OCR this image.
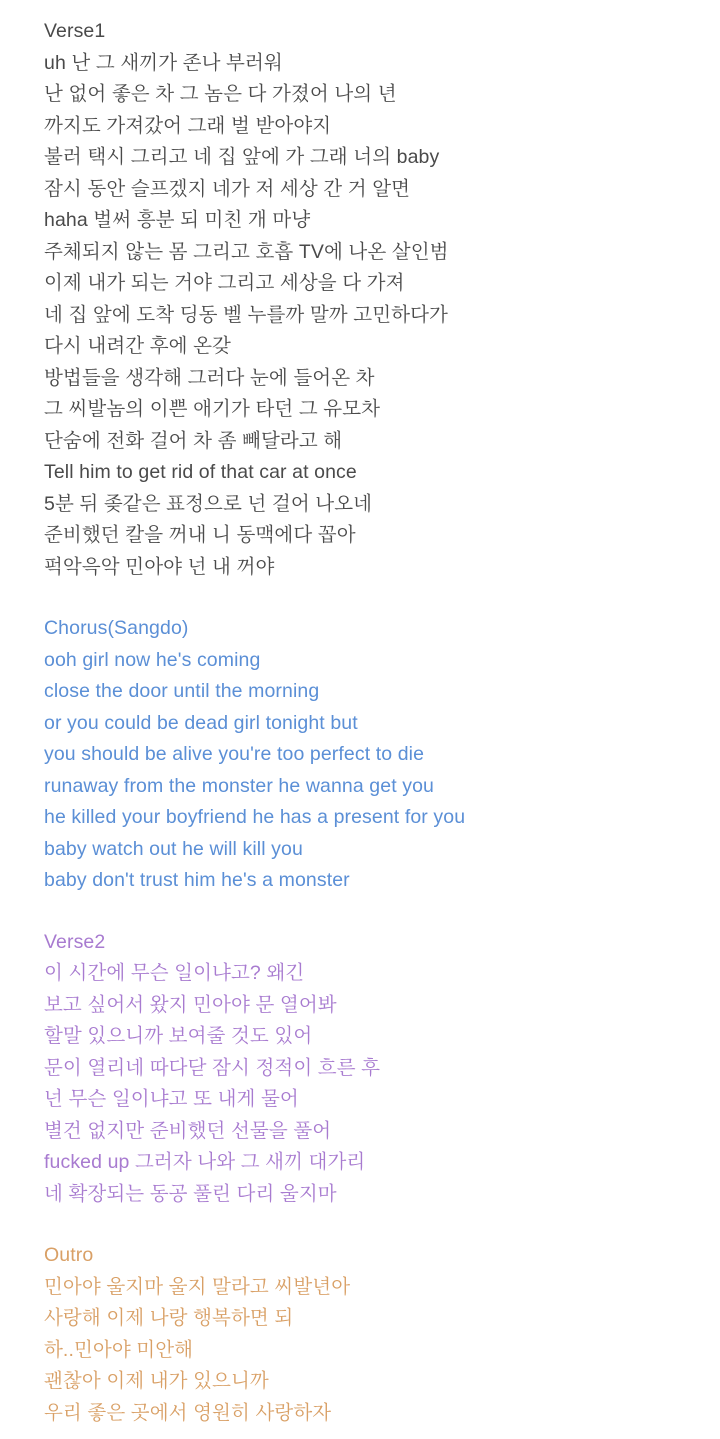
Verse1
uh 난 그 새끼가 존나 부러워
난 없어 좋은 차 그 놈은 다 가졌어 나의 년
까지도 가져갔어 그래 벌 받아야지
불러 택시 그리고 네 집 앞에 가 그래 너의 baby
잠시 동안 슬프겠지 네가 저 세상 간 거 알면
haha 벌써 흥분 되 미친 개 마냥
주체되지 않는 몸 그리고 호흡 TV에 나온 살인범
이제 내가 되는 거야 그리고 세상을 다 가져
네 집 앞에 도착 딩동 벨 누를까 말까 고민하다가
다시 내려간 후에 온갖
방법들을 생각해 그러다 눈에 들어온 차
그 씨발놈의 이쁜 애기가 타던 그 유모차
단숨에 전화 걸어 차 좀 빼달라고 해
Tell him to get rid of that car at once
5분 뒤 좆같은 표정으로 넌 걸어 나오네
준비했던 칼을 꺼내 니 동맥에다 꼽아
퍽악윽악 민아야 넌 내 꺼야
Chorus(Sangdo)
ooh girl now he's coming
close the door until the morning
or you could be dead girl tonight but
you should be alive you're too perfect to die
runaway from the monster he wanna get you
he killed your boyfriend he has a present for you
baby watch out he will kill you
baby don't trust him he's a monster
Verse2
이 시간에 무슨 일이냐고? 왜긴
보고 싶어서 왔지 민아야 문 열어봐
할말 있으니까 보여줄 것도 있어
문이 열리네 따다닫 잠시 정적이 흐른 후
넌 무슨 일이냐고 또 내게 물어
별건 없지만 준비했던 선물을 풀어
fucked up 그러자 나와 그 새끼 대가리
네 확장되는 동공 풀린 다리 울지마
Outro
민아야 울지마 울지 말라고 씨발년아
사랑해 이제 나랑 행복하면 되
하..민아야 미안해
괜찮아 이제 내가 있으니까
우리 좋은 곳에서 영원히 사랑하자
